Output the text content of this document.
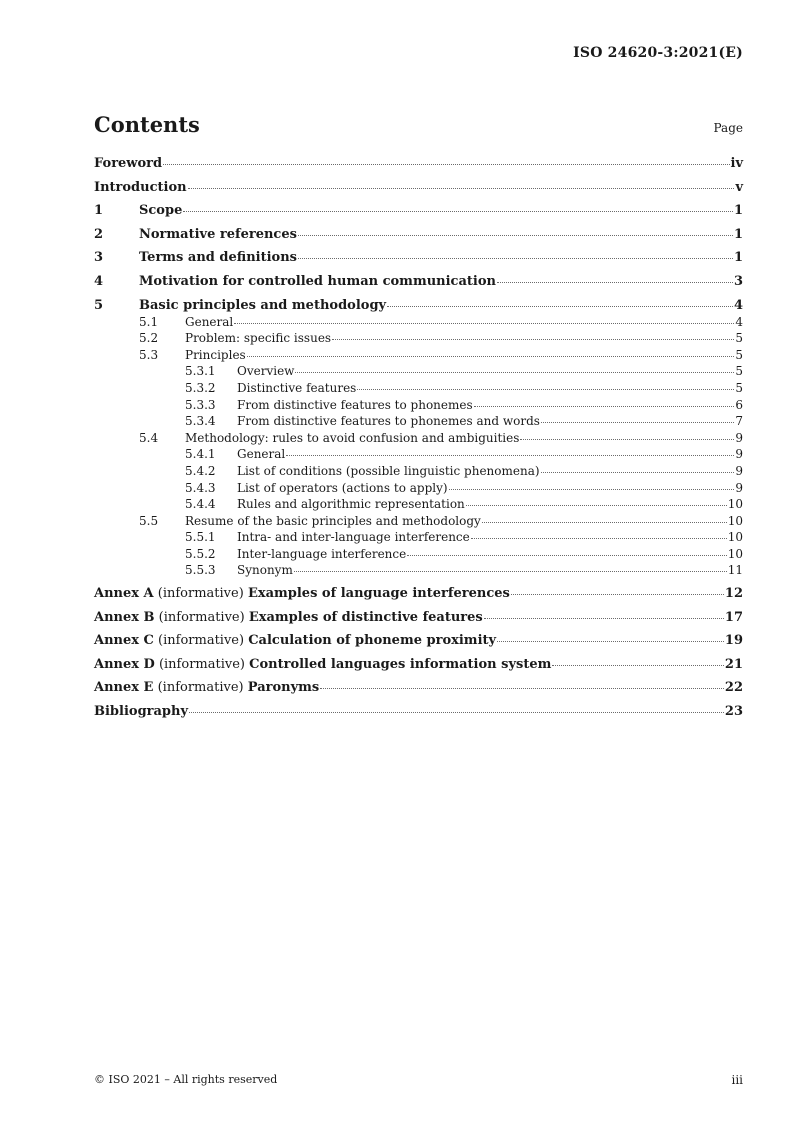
ISO 24620-3:2021(E)
Contents	Page
Foreword	iv
Introduction	v
1	Scope	1
2	Normative references	1
3	Terms and definitions	1
4	Motivation for controlled human communication	3
5	Basic principles and methodology	4
5.1	General	4
5.2	Problem: specific issues	5
5.3	Principles	5
5.3.1	Overview	5
5.3.2	Distinctive features	5
5.3.3	From distinctive features to phonemes	6
5.3.4	From distinctive features to phonemes and words	7
5.4	Methodology: rules to avoid confusion and ambiguities	9
5.4.1	General	9
5.4.2	List of conditions (possible linguistic phenomena)	9
5.4.3	List of operators (actions to apply)	9
5.4.4	Rules and algorithmic representation	10
5.5	Resume of the basic principles and methodology	10
5.5.1	Intra- and inter-language interference	10
5.5.2	Inter-language interference	10
5.5.3	Synonym	11
Annex A (informative) Examples of language interferences	12
Annex B (informative) Examples of distinctive features	17
Annex C (informative) Calculation of phoneme proximity	19
Annex D (informative) Controlled languages information system	21
Annex E (informative) Paronyms	22
Bibliography	23
© ISO 2021 – All rights reserved	iii
